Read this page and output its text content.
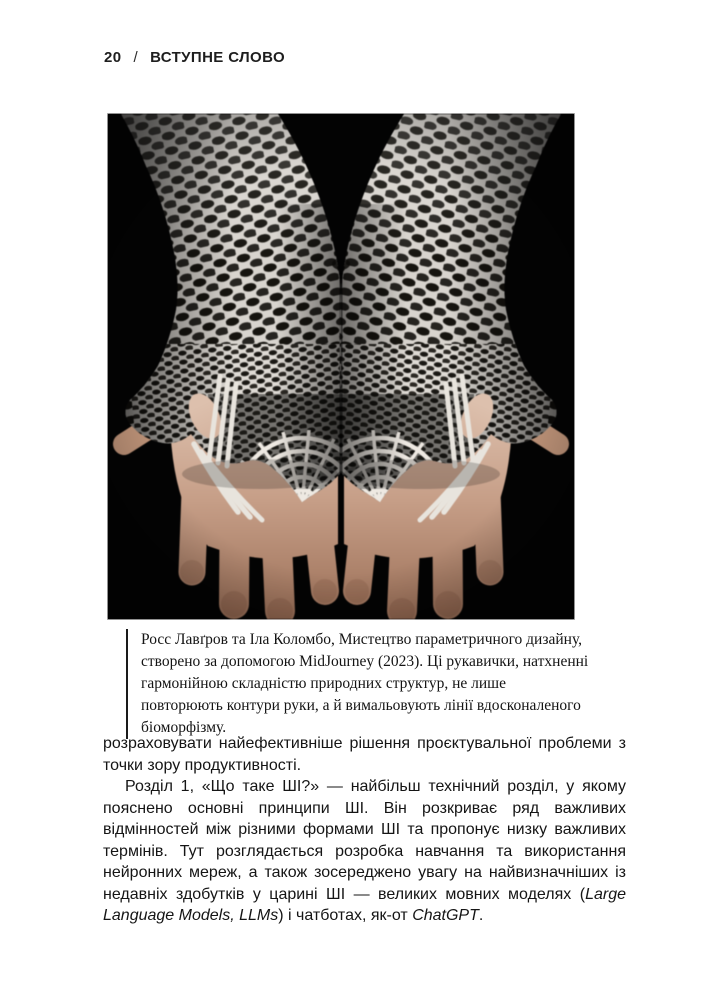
20 / ВСТУПНЕ СЛОВО
Росс Лавґров та Іла Коломбо, Мистецтво параметричного дизайну, створено за допомогою MidJourney (2023). Ці рукавички, натхненні гармонійною складністю природних структур, не лише повторюють контури руки, а й вимальовують лінії вдосконаленого біоморфізму.

розраховувати найефективніше рішення проєктувальної проблеми з точки зору продуктивності.

Розділ 1, «Що таке ШІ?» — найбільш технічний розділ, у якому пояснено основні принципи ШІ. Він розкриває ряд важливих відмінностей між різними формами ШІ та пропонує низку важливих термінів. Тут розглядається розробка навчання та використання нейронних мереж, а також зосереджено увагу на найвизначніших із недавніх здобутків у царині ШІ — великих мовних моделях (Large Language Models, LLMs) і чатботах, як-от ChatGPT.
